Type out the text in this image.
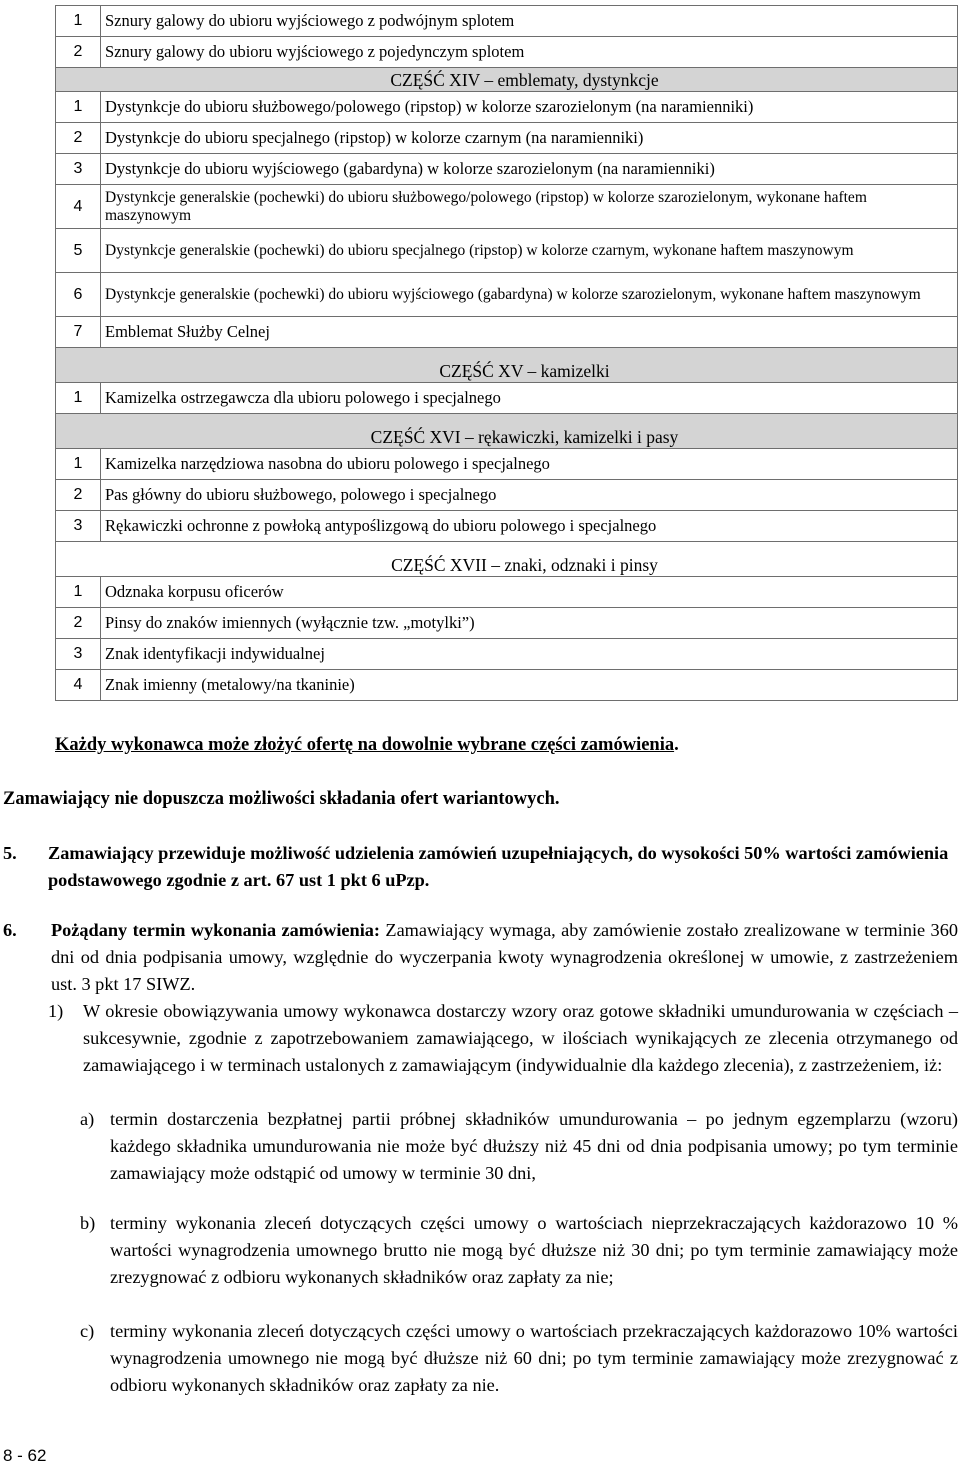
1	Sznury galowy do ubioru wyjściowego z podwójnym splotem
2	Sznury galowy do ubioru wyjściowego z pojedynczym splotem
CZĘŚĆ XIV – emblematy, dystynkcje	
1	Dystynkcje do ubioru służbowego/polowego (ripstop) w kolorze szarozielonym (na naramienniki)
2	Dystynkcje do ubioru specjalnego (ripstop) w kolorze czarnym (na naramienniki)
3	Dystynkcje do ubioru wyjściowego (gabardyna) w kolorze szarozielonym (na naramienniki)
4	Dystynkcje generalskie (pochewki) do ubioru służbowego/polowego (ripstop) w kolorze szarozielonym, wykonane haftem maszynowym
5	Dystynkcje generalskie (pochewki) do ubioru specjalnego (ripstop) w kolorze czarnym, wykonane haftem maszynowym
6	Dystynkcje generalskie (pochewki) do ubioru wyjściowego (gabardyna) w kolorze szarozielonym, wykonane haftem maszynowym
7	Emblemat Służby Celnej
CZĘŚĆ XV – kamizelki	
1	Kamizelka ostrzegawcza dla ubioru polowego i specjalnego
CZĘŚĆ XVI – rękawiczki, kamizelki i pasy	
1	Kamizelka narzędziowa nasobna do ubioru polowego i specjalnego
2	Pas główny do ubioru służbowego, polowego i specjalnego
3	Rękawiczki ochronne z powłoką antypoślizgową do ubioru polowego i specjalnego
CZĘŚĆ XVII – znaki, odznaki i pinsy	
1	Odznaka korpusu oficerów
2	Pinsy do znaków imiennych (wyłącznie tzw. „motylki”)
3	Znak identyfikacji indywidualnej
4	Znak imienny (metalowy/na tkaninie)

Każdy wykonawca może złożyć ofertę na dowolnie wybrane części zamówienia.

Zamawiający nie dopuszcza możliwości składania ofert wariantowych.

5. Zamawiający przewiduje możliwość udzielenia zamówień uzupełniających, do wysokości 50% wartości zamówienia podstawowego zgodnie z art. 67 ust 1 pkt 6 uPzp.
6. Pożądany termin wykonania zamówienia: Zamawiający wymaga, aby zamówienie zostało zrealizowane w terminie 360 dni od dnia podpisania umowy, względnie do wyczerpania kwoty wynagrodzenia określonej w umowie, z zastrzeżeniem ust. 3 pkt 17 SIWZ.
1) W okresie obowiązywania umowy wykonawca dostarczy wzory oraz gotowe składniki umundurowania w częściach – sukcesywnie, zgodnie z zapotrzebowaniem zamawiającego, w ilościach wynikających ze zlecenia otrzymanego od zamawiającego i w terminach ustalonych z zamawiającym (indywidualnie dla każdego zlecenia), z zastrzeżeniem, iż:
a) termin dostarczenia bezpłatnej partii próbnej składników umundurowania – po jednym egzemplarzu (wzoru) każdego składnika umundurowania nie może być dłuższy niż 45 dni od dnia podpisania umowy; po tym terminie zamawiający może odstąpić od umowy w terminie 30 dni,
b) terminy wykonania zleceń dotyczących części umowy o wartościach nieprzekraczających każdorazowo 10 % wartości wynagrodzenia umownego brutto nie mogą być dłuższe niż 30 dni; po tym terminie zamawiający może zrezygnować z odbioru wykonanych składników oraz zapłaty za nie;
c) terminy wykonania zleceń dotyczących części umowy o wartościach przekraczających każdorazowo 10% wartości wynagrodzenia umownego nie mogą być dłuższe niż 60 dni; po tym terminie zamawiający może zrezygnować z odbioru wykonanych składników oraz zapłaty za nie.

8 - 62
